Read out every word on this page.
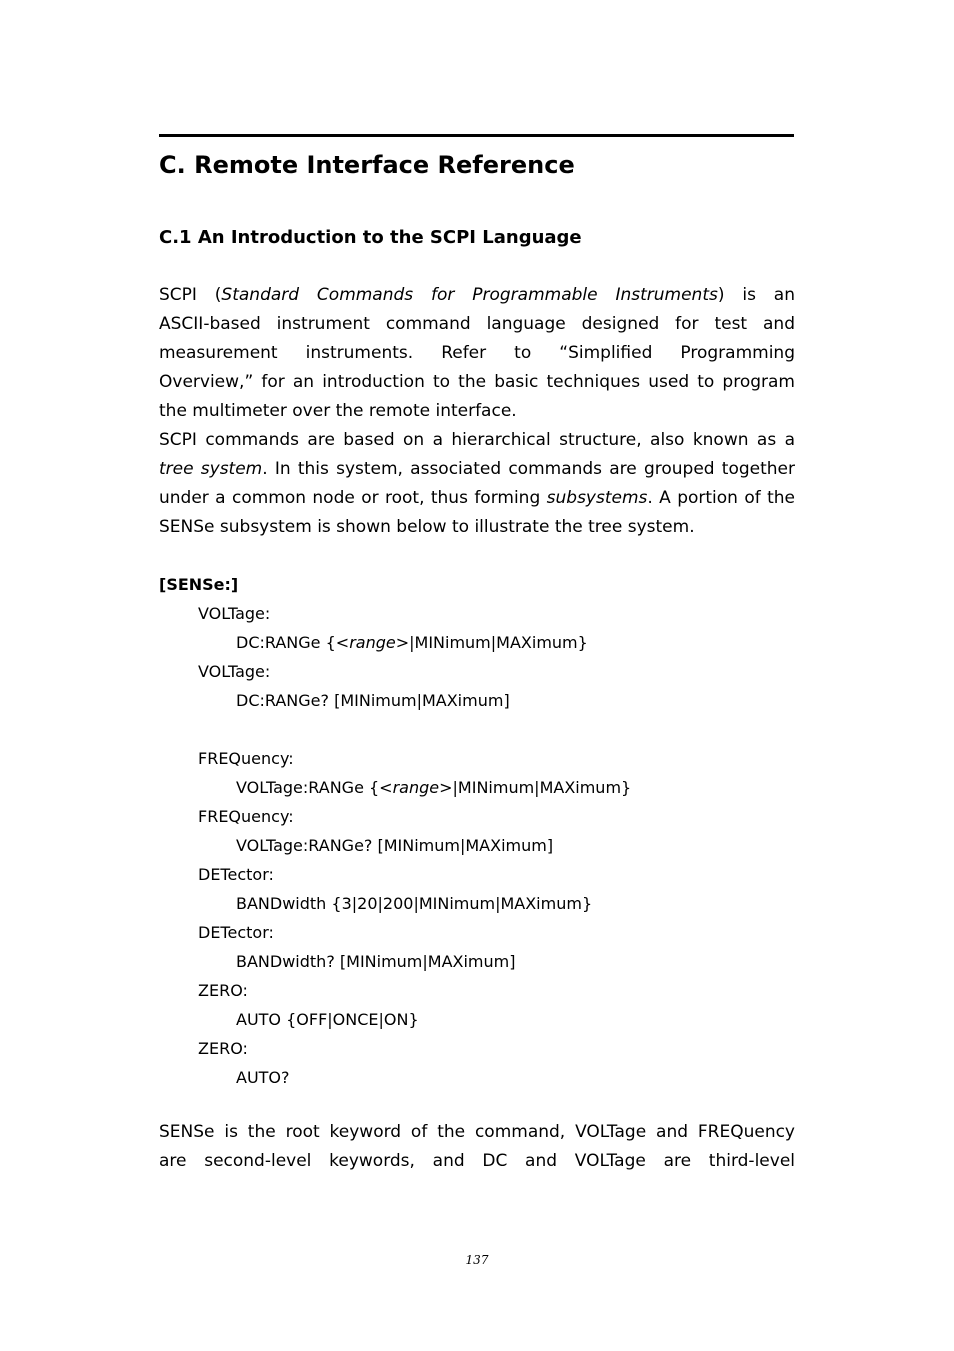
C. Remote Interface Reference
C.1 An Introduction to the SCPI Language
SCPI (Standard Commands for Programmable Instruments) is an
ASCII-based instrument command language designed for test and
measurement instruments. Refer to “Simplified Programming
Overview,” for an introduction to the basic techniques used to program
the multimeter over the remote interface.
SCPI commands are based on a hierarchical structure, also known as a
tree system. In this system, associated commands are grouped together
under a common node or root, thus forming subsystems. A portion of the
SENSe subsystem is shown below to illustrate the tree system.
[SENSe:]
VOLTage:
DC:RANGe {<range>|MINimum|MAXimum}
VOLTage:
DC:RANGe? [MINimum|MAXimum]
FREQuency:
VOLTage:RANGe {<range>|MINimum|MAXimum}
FREQuency:
VOLTage:RANGe? [MINimum|MAXimum]
DETector:
BANDwidth {3|20|200|MINimum|MAXimum}
DETector:
BANDwidth? [MINimum|MAXimum]
ZERO:
AUTO {OFF|ONCE|ON}
ZERO:
AUTO?
SENSe is the root keyword of the command, VOLTage and FREQuency
are second-level keywords, and DC and VOLTage are third-level
137
